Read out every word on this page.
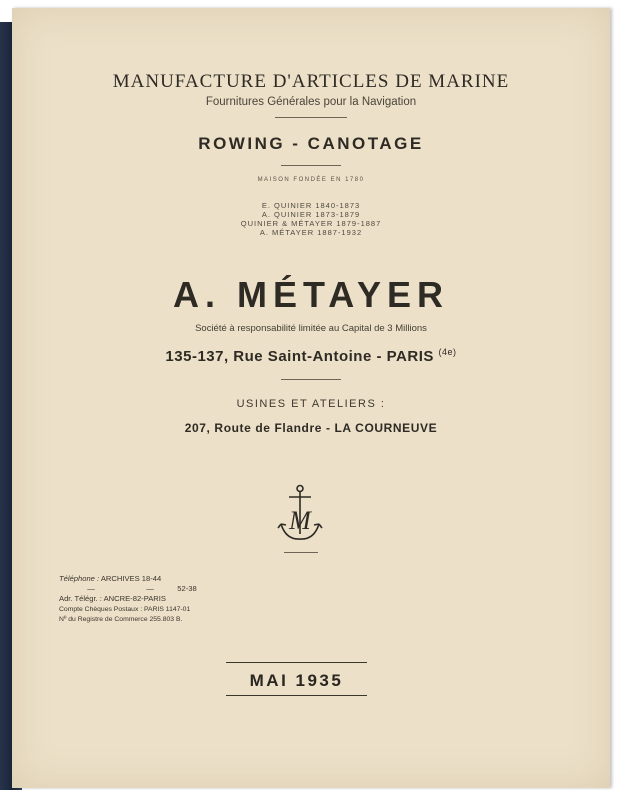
MANUFACTURE D'ARTICLES DE MARINE
Fournitures Générales pour la Navigation
ROWING - CANOTAGE
MAISON FONDÉE EN 1780
E. QUINIER 1840-1873
A. QUINIER 1873-1879
QUINIER & MÉTAYER 1879-1887
A. MÉTAYER 1887-1932
A. MÉTAYER
Société à responsabilité limitée au Capital de 3 Millions
135-137, Rue Saint-Antoine - PARIS $^{(4e)}$
USINES ET ATELIERS :
207, Route de Flandre - LA COURNEUVE
M
Téléphone : ARCHIVES 18-44
—	—	52-38
Adr. Télégr. : ANCRE-82-PARIS
Compte Chèques Postaux : PARIS 1147-01
Nº du Registre de Commerce 255.803 B.
MAI 1935
